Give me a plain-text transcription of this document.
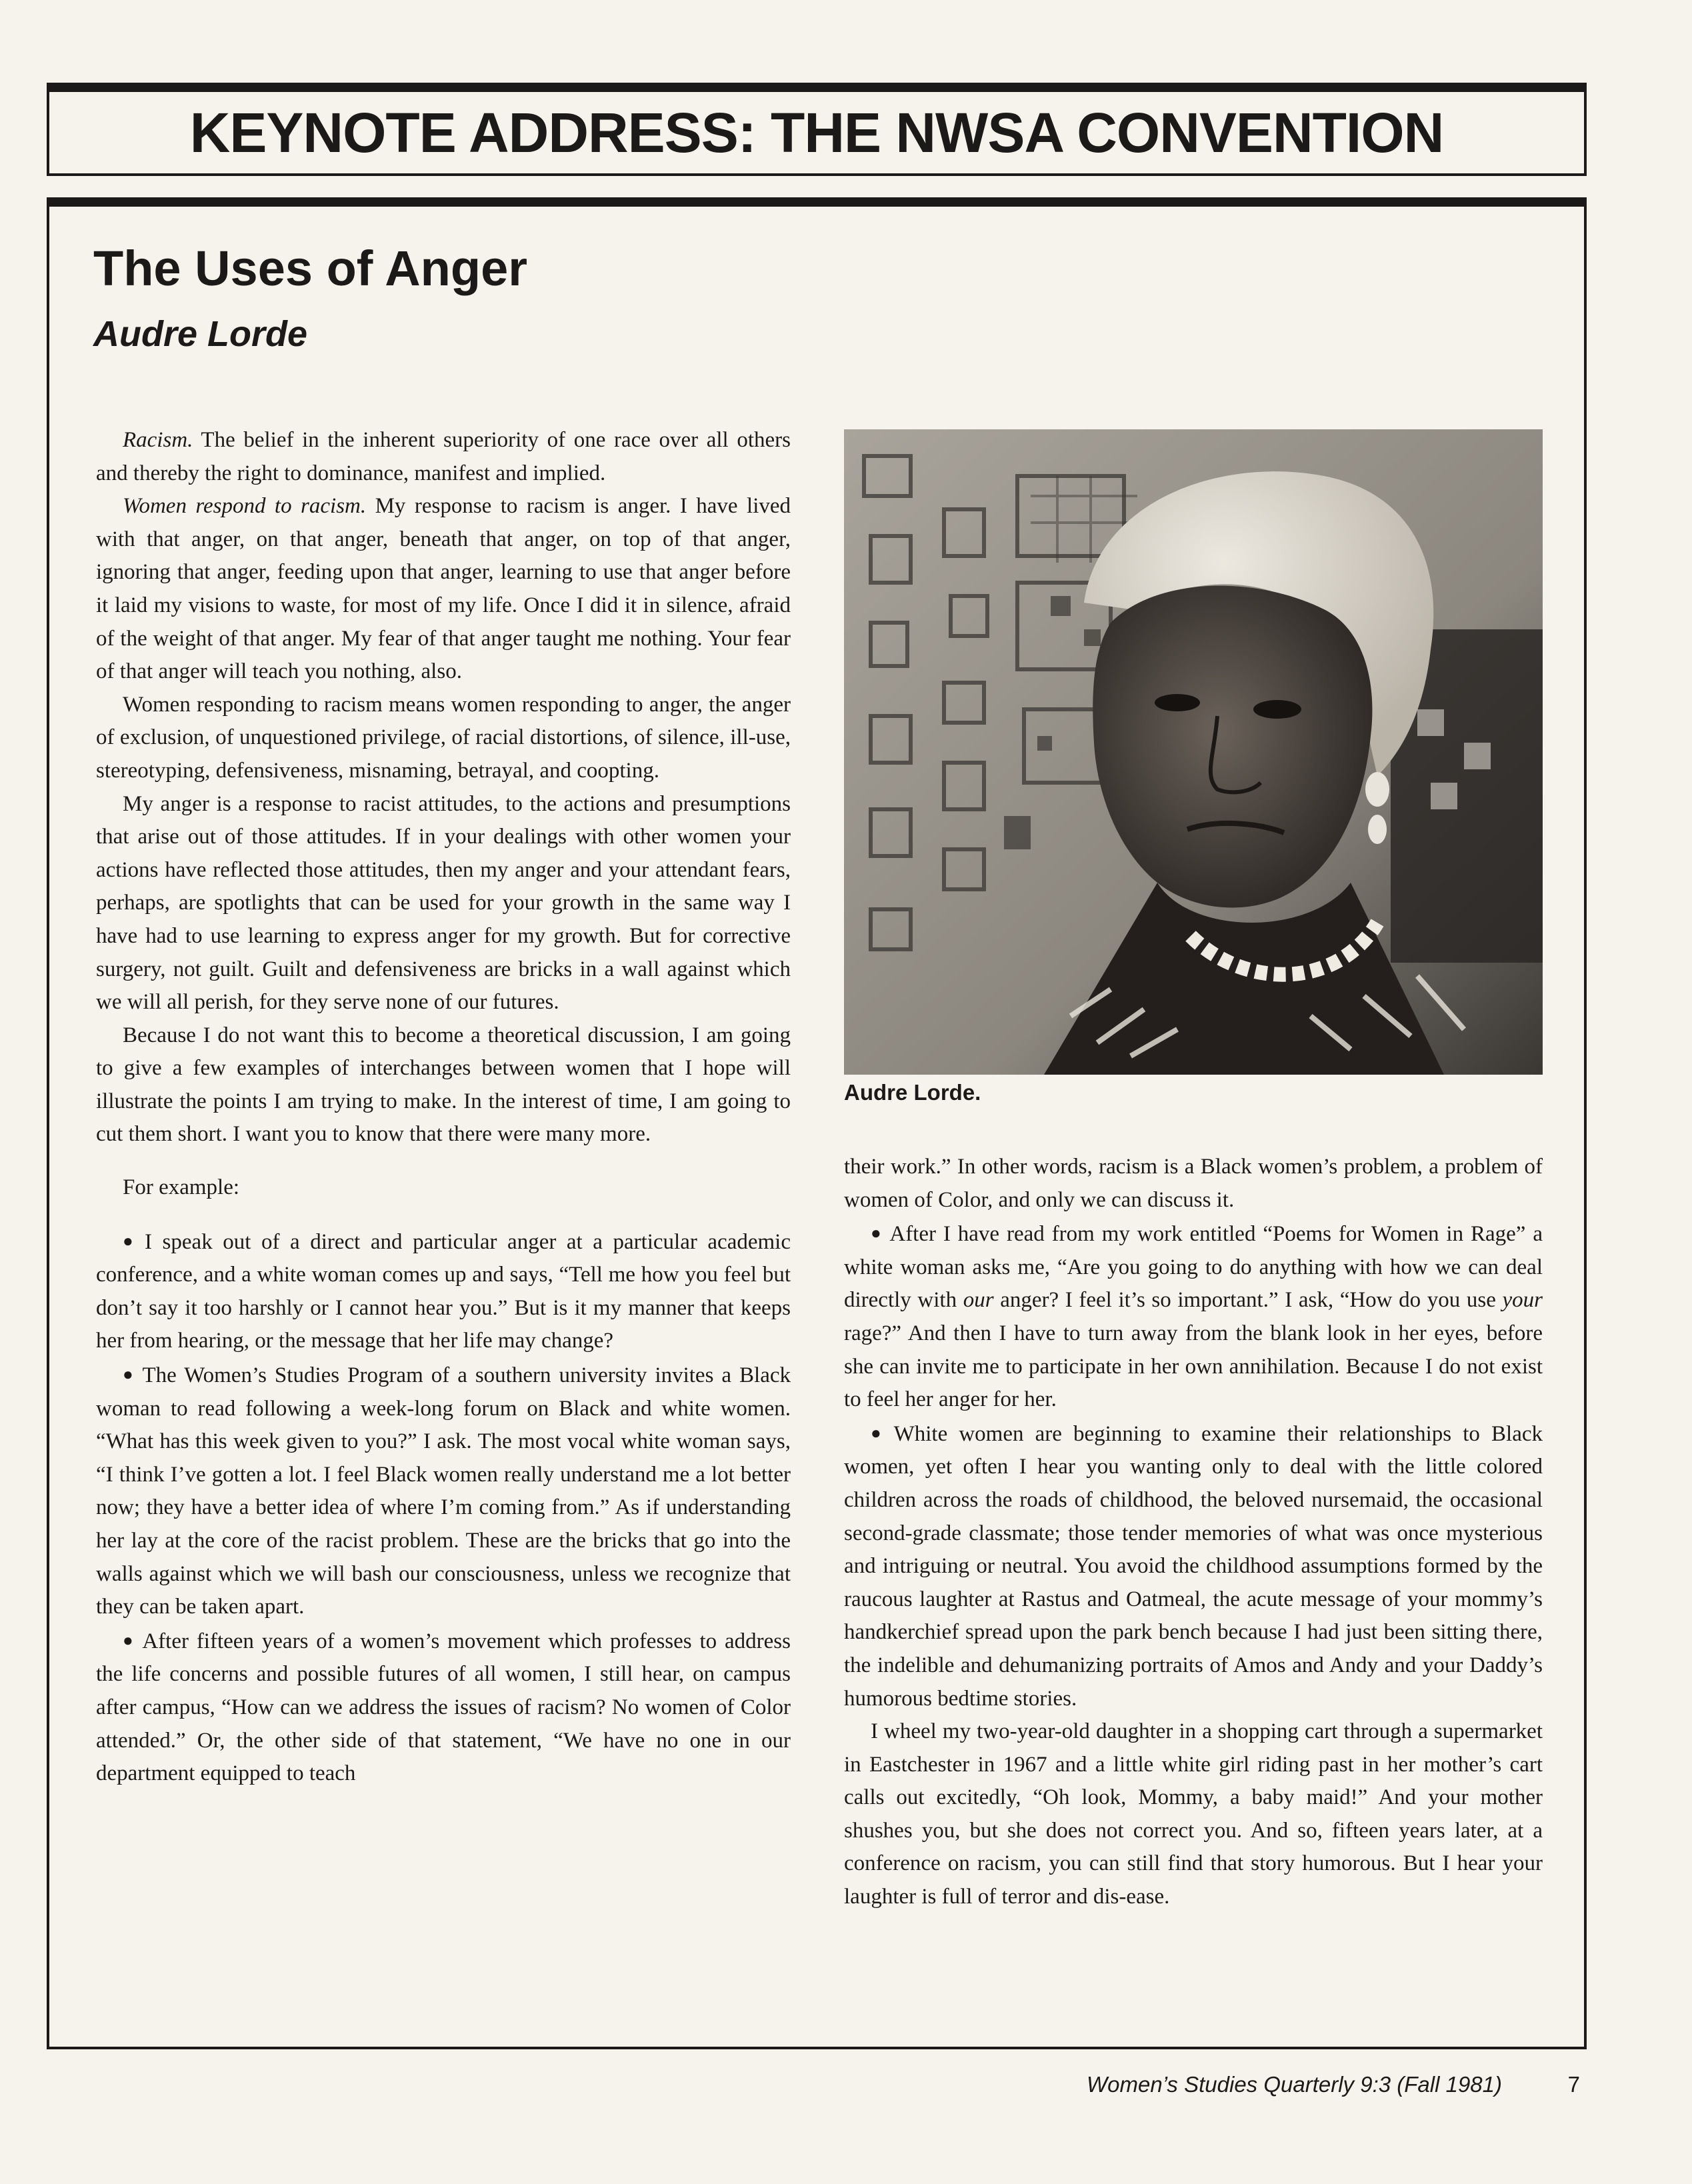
KEYNOTE ADDRESS: THE NWSA CONVENTION
The Uses of Anger
Audre Lorde

Racism. The belief in the inherent superiority of one race over all others and thereby the right to dominance, manifest and implied.

Women respond to racism. My response to racism is anger. I have lived with that anger, on that anger, beneath that anger, on top of that anger, ignoring that anger, feeding upon that anger, learning to use that anger before it laid my visions to waste, for most of my life. Once I did it in silence, afraid of the weight of that anger. My fear of that anger taught me nothing. Your fear of that anger will teach you nothing, also.

Women responding to racism means women responding to anger, the anger of exclusion, of unquestioned privilege, of racial distortions, of silence, ill-use, stereotyping, defensiveness, misnaming, betrayal, and coopting.

My anger is a response to racist attitudes, to the actions and presumptions that arise out of those attitudes. If in your dealings with other women your actions have reflected those attitudes, then my anger and your attendant fears, perhaps, are spotlights that can be used for your growth in the same way I have had to use learning to express anger for my growth. But for corrective surgery, not guilt. Guilt and defensiveness are bricks in a wall against which we will all perish, for they serve none of our futures.

Because I do not want this to become a theoretical discussion, I am going to give a few examples of interchanges between women that I hope will illustrate the points I am trying to make. In the interest of time, I am going to cut them short. I want you to know that there were many more.

For example:

● I speak out of a direct and particular anger at a particular academic conference, and a white woman comes up and says, “Tell me how you feel but don’t say it too harshly or I cannot hear you.” But is it my manner that keeps her from hearing, or the message that her life may change?

● The Women’s Studies Program of a southern university invites a Black woman to read following a week-long forum on Black and white women. “What has this week given to you?” I ask. The most vocal white woman says, “I think I’ve gotten a lot. I feel Black women really understand me a lot better now; they have a better idea of where I’m coming from.” As if understanding her lay at the core of the racist problem. These are the bricks that go into the walls against which we will bash our consciousness, unless we recognize that they can be taken apart.

● After fifteen years of a women’s movement which professes to address the life concerns and possible futures of all women, I still hear, on campus after campus, “How can we address the issues of racism? No women of Color attended.” Or, the other side of that statement, “We have no one in our department equipped to teach

Audre Lorde.

their work.” In other words, racism is a Black women’s problem, a problem of women of Color, and only we can discuss it.

● After I have read from my work entitled “Poems for Women in Rage” a white woman asks me, “Are you going to do anything with how we can deal directly with our anger? I feel it’s so important.” I ask, “How do you use your rage?” And then I have to turn away from the blank look in her eyes, before she can invite me to participate in her own annihilation. Because I do not exist to feel her anger for her.

● White women are beginning to examine their relationships to Black women, yet often I hear you wanting only to deal with the little colored children across the roads of childhood, the beloved nursemaid, the occasional second-grade classmate; those tender memories of what was once mysterious and intriguing or neutral. You avoid the childhood assumptions formed by the raucous laughter at Rastus and Oatmeal, the acute message of your mommy’s handkerchief spread upon the park bench because I had just been sitting there, the indelible and dehumanizing portraits of Amos and Andy and your Daddy’s humorous bedtime stories.

I wheel my two-year-old daughter in a shopping cart through a supermarket in Eastchester in 1967 and a little white girl riding past in her mother’s cart calls out excitedly, “Oh look, Mommy, a baby maid!” And your mother shushes you, but she does not correct you. And so, fifteen years later, at a conference on racism, you can still find that story humorous. But I hear your laughter is full of terror and dis-ease.

Women’s Studies Quarterly 9:3 (Fall 1981)	7
